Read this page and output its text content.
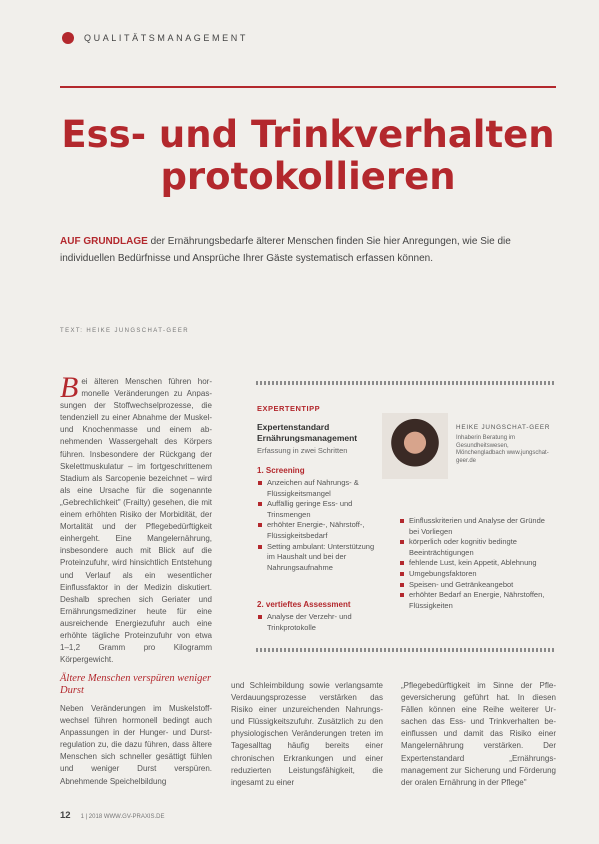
QUALITÄTSMANAGEMENT
Ess- und Trinkverhalten
protokollieren
AUF GRUNDLAGE der Ernährungsbedarfe älterer Menschen finden Sie hier Anregungen, wie Sie die individuellen Bedürfnisse und Ansprüche Ihrer Gäste systematisch erfassen können.
TEXT: HEIKE JUNGSCHAT-GEER

Bei älteren Menschen führen hormonelle Veränderungen zu Anpassungen der Stoffwechselprozesse, die tendenziell zu einer Abnahme der Muskel- und Knochenmasse und einem abnehmenden Wassergehalt des Körpers führen. Insbesondere der Rückgang der Skelettmuskulatur – im fortgeschrittenem Stadium als Sarcopenie bezeichnet – wird als eine Ursache für die sogenannte „Gebrechlichkeit" (Frailty) gesehen, die mit einem erhöhten Risiko der Morbidität, der Mortalität und der Pflegebedürftigkeit einhergeht. Eine Mangelernährung, insbesondere auch mit Blick auf die Proteinzufuhr, wird hinsichtlich Entstehung und Verlauf als ein wesentlicher Einflussfaktor in der Medizin diskutiert. Deshalb sprechen sich Geriater und Ernährungsmediziner heute für eine ausreichende Energiezufuhr auch eine erhöhte tägliche Proteinzufuhr von etwa 1–1,2 Gramm pro Kilogramm Körpergewicht.

Ältere Menschen verspüren weniger Durst

Neben Veränderungen im Muskelstoffwechsel führen hormonell bedingt auch Anpassungen in der Hunger- und Durstregulation zu, die dazu führen, dass ältere Menschen sich schneller gesättigt fühlen und weniger Durst verspüren. Abnehmende Speichelbildung

EXPERTENTIPP
Expertenstandard Ernährungsmanagement
Erfassung in zwei Schritten
HEIKE JUNGSCHAT-GEER
Inhaberin Beratung im Gesundheitswesen, Mönchengladbach www.jungschat-geer.de
1. Screening
Anzeichen auf Nahrungs- & Flüssigkeitsmangel
Auffällig geringe Ess- und Trinsmengen
erhöhter Energie-, Nährstoff-, Flüssigkeitsbedarf
Setting ambulant: Unterstützung im Haushalt und bei der Nahrungsaufnahme
Einflusskriterien und Analyse der Gründe bei Vorliegen
körperlich oder kognitiv bedingte Beeinträchtigungen
fehlende Lust, kein Appetit, Ablehnung
Umgebungsfaktoren
Speisen- und Getränkeangebot
erhöhter Bedarf an Energie, Nährstoffen, Flüssigkeiten
2. vertieftes Assessment
Analyse der Verzehr- und Trinkprotokolle

und Schleimbildung sowie verlangsamte Verdauungsprozesse verstärken das Risiko einer unzureichenden Nahrungs- und Flüssigkeitszufuhr. Zusätzlich zu den physiologischen Veränderungen treten im Tagesalltag häufig bereits einer chronischen Erkrankungen und einer reduzierten Leistungsfähigkeit, die ingesamt zu einer

„Pflegebedürftigkeit im Sinne der Pflegeversicherung geführt hat. In diesen Fällen können eine Reihe weiterer Ursachen das Ess- und Trinkverhalten beeinflussen und damit das Risiko einer Mangelernährung verstärken. Der Expertenstandard „Ernährungsmanagement zur Sicherung und Förderung der oralen Ernährung in der Pflege"

12 1 | 2018 WWW.GV-PRAXIS.DE
